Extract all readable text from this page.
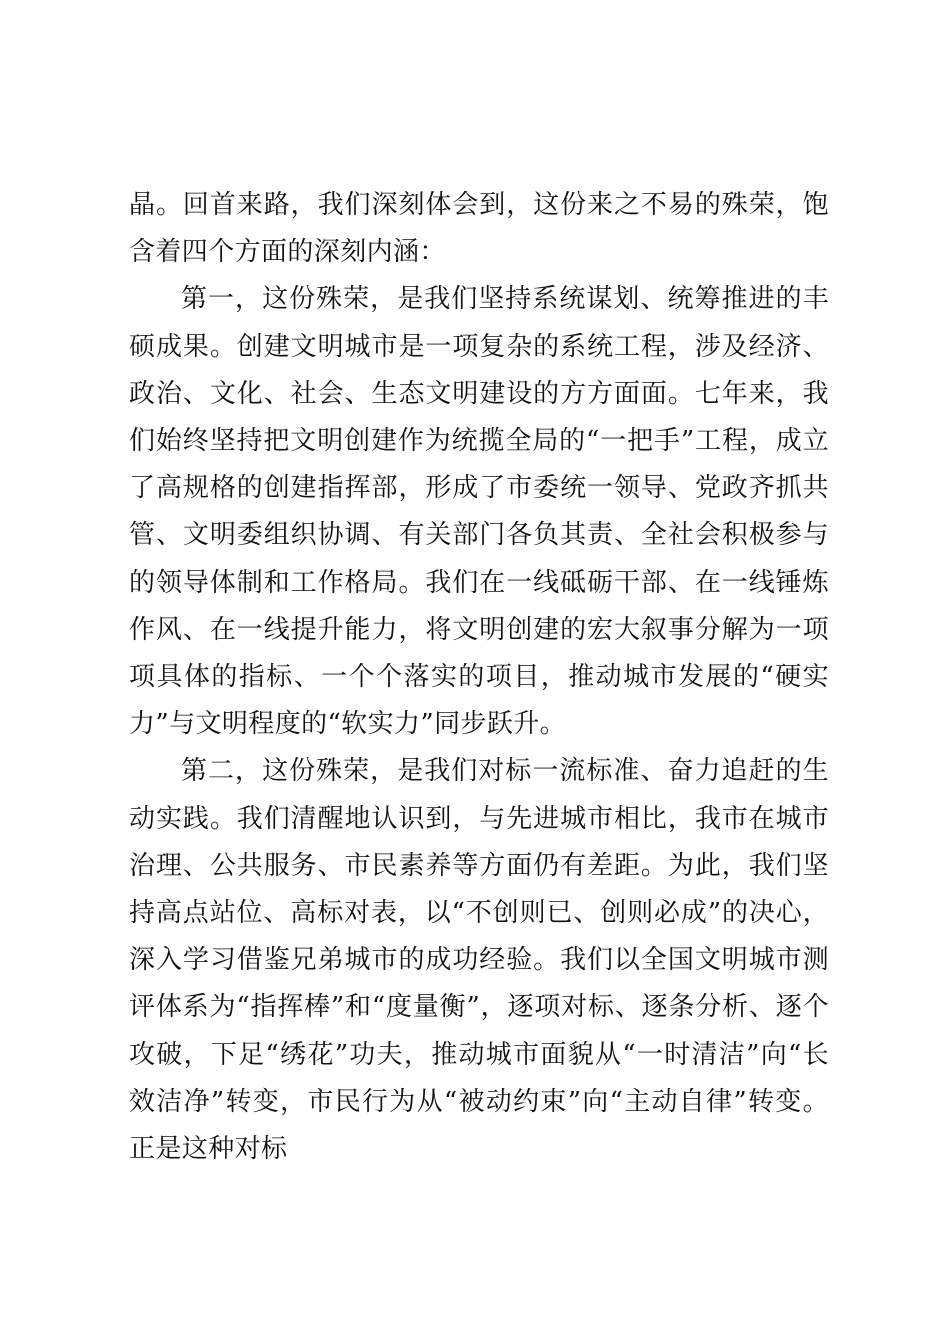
晶。回首来路，我们深刻体会到，这份来之不易的殊荣，饱含着四个方面的深刻内涵：

第一，这份殊荣，是我们坚持系统谋划、统筹推进的丰硕成果。创建文明城市是一项复杂的系统工程，涉及经济、政治、文化、社会、生态文明建设的方方面面。七年来，我们始终坚持把文明创建作为统揽全局的“一把手”工程，成立了高规格的创建指挥部，形成了市委统一领导、党政齐抓共管、文明委组织协调、有关部门各负其责、全社会积极参与的领导体制和工作格局。我们在一线砥砺干部、在一线锤炼作风、在一线提升能力，将文明创建的宏大叙事分解为一项项具体的指标、一个个落实的项目，推动城市发展的“硬实力”与文明程度的“软实力”同步跃升。

第二，这份殊荣，是我们对标一流标准、奋力追赶的生动实践。我们清醒地认识到，与先进城市相比，我市在城市治理、公共服务、市民素养等方面仍有差距。为此，我们坚持高点站位、高标对表，以“不创则已、创则必成”的决心，深入学习借鉴兄弟城市的成功经验。我们以全国文明城市测评体系为“指挥棒”和“度量衡”，逐项对标、逐条分析、逐个攻破，下足“绣花”功夫，推动城市面貌从“一时清洁”向“长效洁净”转变，市民行为从“被动约束”向“主动自律”转变。正是这种对标
